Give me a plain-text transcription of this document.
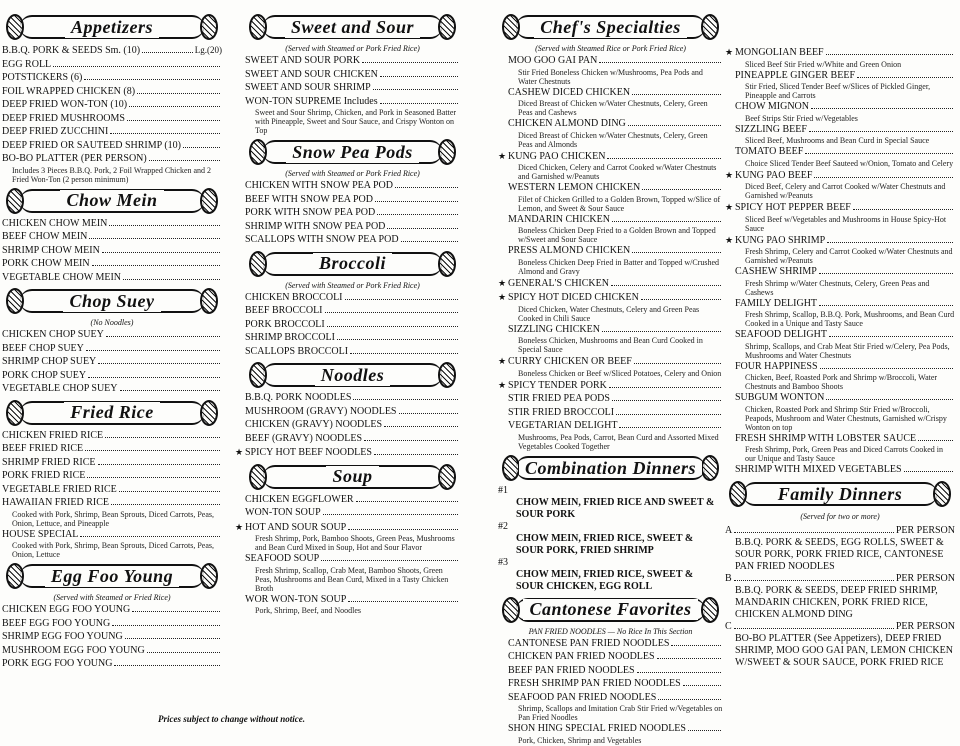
Appetizers
B.B.Q. PORK & SEEDS Sm. (10)	Lg.(20)
EGG ROLL
POTSTICKERS (6)
FOIL WRAPPED CHICKEN (8)
DEEP FRIED WON-TON (10)
DEEP FRIED MUSHROOMS
DEEP FRIED ZUCCHINI
DEEP FRIED OR SAUTEED SHRIMP (10)
BO-BO PLATTER (PER PERSON)
Includes 3 Pieces B.B.Q. Pork, 2 Foil Wrapped Chicken and 2 Fried Won-Ton (2 person minimum)
Chow Mein
CHICKEN CHOW MEIN
BEEF CHOW MEIN
SHRIMP CHOW MEIN
PORK CHOW MEIN
VEGETABLE CHOW MEIN
Chop Suey
(No Noodles)
CHICKEN CHOP SUEY
BEEF CHOP SUEY
SHRIMP CHOP SUEY
PORK CHOP SUEY
VEGETABLE CHOP SUEY
Fried Rice
CHICKEN FRIED RICE
BEEF FRIED RICE
SHRIMP FRIED RICE
PORK FRIED RICE
VEGETABLE FRIED RICE
HAWAIIAN FRIED RICE
Cooked with Pork, Shrimp, Bean Sprouts, Diced Carrots, Peas, Onion, Lettuce, and Pineapple
HOUSE SPECIAL
Cooked with Pork, Shrimp, Bean Sprouts, Diced Carrots, Peas, Onion, Lettuce
Egg Foo Young
(Served with Steamed or Fried Rice)
CHICKEN EGG FOO YOUNG
BEEF EGG FOO YOUNG
SHRIMP EGG FOO YOUNG
MUSHROOM EGG FOO YOUNG
PORK EGG FOO YOUNG
Sweet and Sour
(Served with Steamed or Pork Fried Rice)
SWEET AND SOUR PORK
SWEET AND SOUR CHICKEN
SWEET AND SOUR SHRIMP
WON-TON SUPREME Includes
Sweet and Sour Shrimp, Chicken, and Pork in Seasoned Batter with Pineapple, Sweet and Sour Sauce, and Crispy Wonton on Top
Snow Pea Pods
(Served with Steamed or Pork Fried Rice)
CHICKEN WITH SNOW PEA POD
BEEF WITH SNOW PEA POD
PORK WITH SNOW PEA POD
SHRIMP WITH SNOW PEA POD
SCALLOPS WITH SNOW PEA POD
Broccoli
(Served with Steamed or Pork Fried Rice)
CHICKEN BROCCOLI
BEEF BROCCOLI
PORK BROCCOLI
SHRIMP BROCCOLI
SCALLOPS BROCCOLI
Noodles
B.B.Q. PORK NOODLES
MUSHROOM (GRAVY) NOODLES
CHICKEN (GRAVY) NOODLES
BEEF (GRAVY) NOODLES
★ SPICY HOT BEEF NOODLES
Soup
CHICKEN EGGFLOWER
WON-TON SOUP
★ HOT AND SOUR SOUP
Fresh Shrimp, Pork, Bamboo Shoots, Green Peas, Mushrooms and Bean Curd Mixed in Soup, Hot and Sour Flavor
SEAFOOD SOUP
Fresh Shrimp, Scallop, Crab Meat, Bamboo Shoots, Green Peas, Mushrooms and Bean Curd, Mixed in a Tasty Chicken Broth
WOR WON-TON SOUP
Pork, Shrimp, Beef, and Noodles
Chef's Specialties
(Served with Steamed Rice or Pork Fried Rice)
MOO GOO GAI PAN
Stir Fried Boneless Chicken w/Mushrooms, Pea Pods and Water Chestnuts
CASHEW DICED CHICKEN
Diced Breast of Chicken w/Water Chestnuts, Celery, Green Peas and Cashews
CHICKEN ALMOND DING
Diced Breast of Chicken w/Water Chestnuts, Celery, Green Peas and Almonds
★ KUNG PAO CHICKEN
Diced Chicken, Celery and Carrot Cooked w/Water Chestnuts and Garnished w/Peanuts
WESTERN LEMON CHICKEN
Filet of Chicken Grilled to a Golden Brown, Topped w/Slice of Lemon, and Sweet & Sour Sauce
MANDARIN CHICKEN
Boneless Chicken Deep Fried to a Golden Brown and Topped w/Sweet and Sour Sauce
PRESS ALMOND CHICKEN
Boneless Chicken Deep Fried in Batter and Topped w/Crushed Almond and Gravy
★ GENERAL'S CHICKEN
★ SPICY HOT DICED CHICKEN
Diced Chicken, Water Chestnuts, Celery and Green Peas Cooked in Chili Sauce
SIZZLING CHICKEN
Boneless Chicken, Mushrooms and Bean Curd Cooked in Special Sauce
★ CURRY CHICKEN OR BEEF
Boneless Chicken or Beef w/Sliced Potatoes, Celery and Onion
★ SPICY TENDER PORK
STIR FRIED PEA PODS
STIR FRIED BROCCOLI
VEGETARIAN DELIGHT
Mushrooms, Pea Pods, Carrot, Bean Curd and Assorted Mixed Vegetables Cooked Together
Combination Dinners
#1
CHOW MEIN, FRIED RICE AND SWEET & SOUR PORK
#2
CHOW MEIN, FRIED RICE, SWEET & SOUR PORK, FRIED SHRIMP
#3
CHOW MEIN, FRIED RICE, SWEET & SOUR CHICKEN, EGG ROLL
Cantonese Favorites
PAN FRIED NOODLES — No Rice In This Section
CANTONESE PAN FRIED NOODLES
CHICKEN PAN FRIED NOODLES
BEEF PAN FRIED NOODLES
FRESH SHRIMP PAN FRIED NOODLES
SEAFOOD PAN FRIED NOODLES
Shrimp, Scallops and Imitation Crab Stir Fried w/Vegetables on Pan Fried Noodles
SHON HING SPECIAL FRIED NOODLES
Pork, Chicken, Shrimp and Vegetables
★ MONGOLIAN BEEF
Sliced Beef Stir Fried w/White and Green Onion
PINEAPPLE GINGER BEEF
Stir Fried, Sliced Tender Beef w/Slices of Pickled Ginger, Pineapple and Carrots
CHOW MIGNON
Beef Strips Stir Fried w/Vegetables
SIZZLING BEEF
Sliced Beef, Mushrooms and Bean Curd in Special Sauce
TOMATO BEEF
Choice Sliced Tender Beef Sauteed w/Onion, Tomato and Celery
★ KUNG PAO BEEF
Diced Beef, Celery and Carrot Cooked w/Water Chestnuts and Garnished w/Peanuts
★ SPICY HOT PEPPER BEEF
Sliced Beef w/Vegetables and Mushrooms in House Spicy-Hot Sauce
★ KUNG PAO SHRIMP
Fresh Shrimp, Celery and Carrot Cooked w/Water Chestnuts and Garnished w/Peanuts
CASHEW SHRIMP
Fresh Shrimp w/Water Chestnuts, Celery, Green Peas and Cashews
FAMILY DELIGHT
Fresh Shrimp, Scallop, B.B.Q. Pork, Mushrooms, and Bean Curd Cooked in a Unique and Tasty Sauce
SEAFOOD DELIGHT
Shrimp, Scallops, and Crab Meat Stir Fried w/Celery, Pea Pods, Mushrooms and Water Chestnuts
FOUR HAPPINESS
Chicken, Beef, Roasted Pork and Shrimp w/Broccoli, Water Chestnuts and Bamboo Shoots
SUBGUM WONTON
Chicken, Roasted Pork and Shrimp Stir Fried w/Broccoli, Peapods, Mushroom and Water Chestnuts, Garnished w/Crispy Wonton on top
FRESH SHRIMP WITH LOBSTER SAUCE
Fresh Shrimp, Pork, Green Peas and Diced Carrots Cooked in our Unique and Tasty Sauce
SHRIMP WITH MIXED VEGETABLES
Family Dinners
(Served for two or more)
A	PER PERSON
B.B.Q. PORK & SEEDS, EGG ROLLS, SWEET & SOUR PORK, PORK FRIED RICE, CANTONESE PAN FRIED NOODLES
B	PER PERSON
B.B.Q. PORK & SEEDS, DEEP FRIED SHRIMP, MANDARIN CHICKEN, PORK FRIED RICE, CHICKEN ALMOND DING
C	PER PERSON
BO-BO PLATTER (See Appetizers), DEEP FRIED SHRIMP, MOO GOO GAI PAN, LEMON CHICKEN W/SWEET & SOUR SAUCE, PORK FRIED RICE
Prices subject to change without notice.
